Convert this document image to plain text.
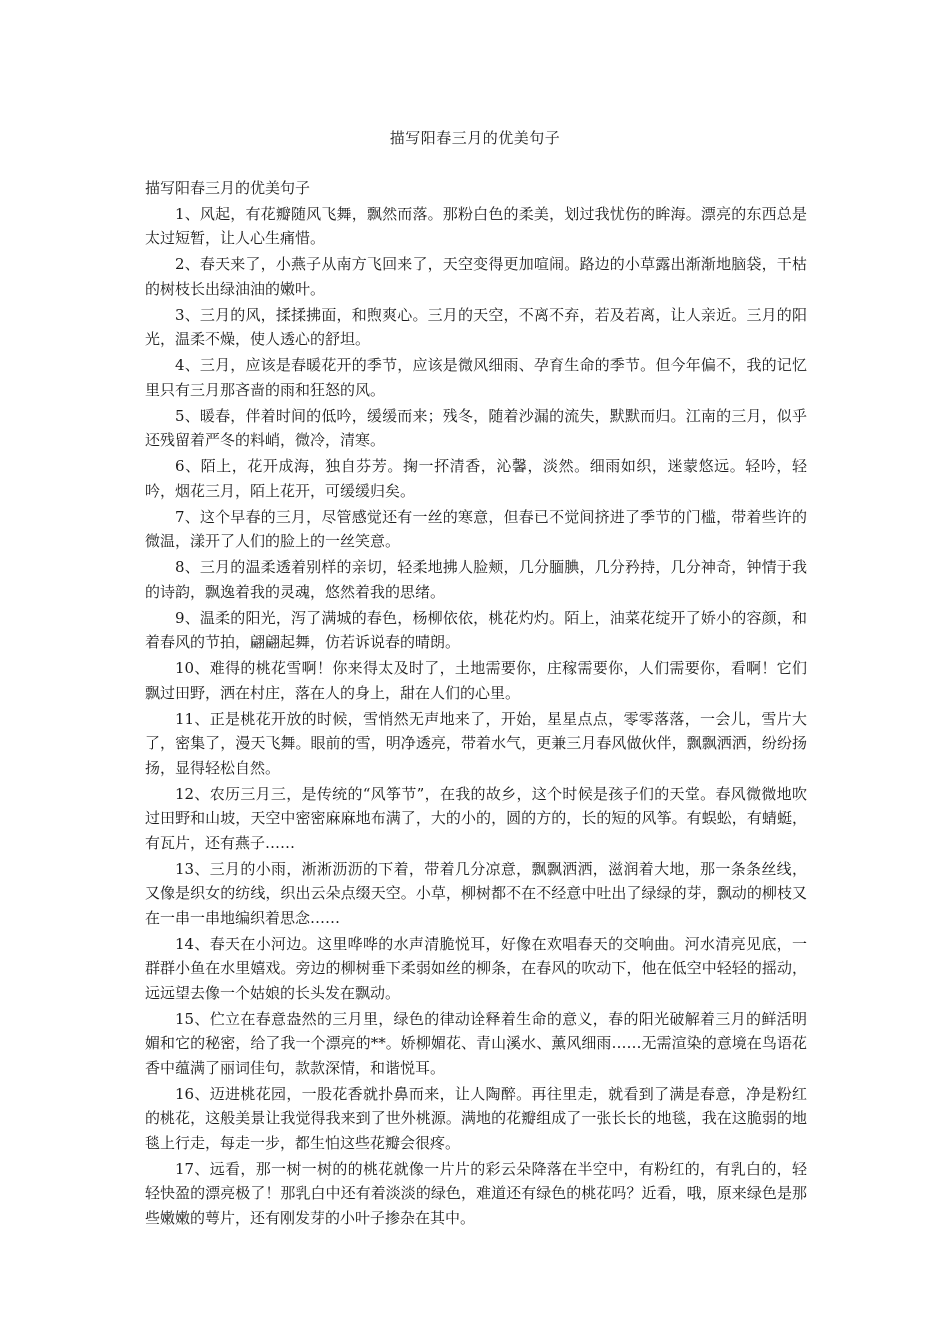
描写阳春三月的优美句子
描写阳春三月的优美句子

1、风起，有花瓣随风飞舞，飘然而落。那粉白色的柔美，划过我忧伤的眸海。漂亮的东西总是太过短暂，让人心生痛惜。

2、春天来了，小燕子从南方飞回来了，天空变得更加喧闹。路边的小草露出渐渐地脑袋，干枯的树枝长出绿油油的嫩叶。

3、三月的风，揉揉拂面，和煦爽心。三月的天空，不离不弃，若及若离，让人亲近。三月的阳光，温柔不燥，使人透心的舒坦。

4、三月，应该是春暖花开的季节，应该是微风细雨、孕育生命的季节。但今年偏不，我的记忆里只有三月那吝啬的雨和狂怒的风。

5、暖春，伴着时间的低吟，缓缓而来；残冬，随着沙漏的流失，默默而归。江南的三月，似乎还残留着严冬的料峭，微冷，清寒。

6、陌上，花开成海，独自芬芳。掬一抔清香，沁馨，淡然。细雨如织，迷蒙悠远。轻吟，轻吟，烟花三月，陌上花开，可缓缓归矣。

7、这个早春的三月，尽管感觉还有一丝的寒意，但春已不觉间挤进了季节的门槛，带着些许的微温，漾开了人们的脸上的一丝笑意。

8、三月的温柔透着别样的亲切，轻柔地拂人脸颊，几分腼腆，几分矜持，几分神奇，钟情于我的诗韵，飘逸着我的灵魂，悠然着我的思绪。

9、温柔的阳光，泻了满城的春色，杨柳依依，桃花灼灼。陌上，油菜花绽开了娇小的容颜，和着春风的节拍，翩翩起舞，仿若诉说春的晴朗。

10、难得的桃花雪啊！你来得太及时了，土地需要你，庄稼需要你，人们需要你，看啊！它们飘过田野，洒在村庄，落在人的身上，甜在人们的心里。

11、正是桃花开放的时候，雪悄然无声地来了，开始，星星点点，零零落落，一会儿，雪片大了，密集了，漫天飞舞。眼前的雪，明净透亮，带着水气，更兼三月春风做伙伴，飘飘洒洒，纷纷扬扬，显得轻松自然。

12、农历三月三，是传统的“风筝节”，在我的故乡，这个时候是孩子们的天堂。春风微微地吹过田野和山坡，天空中密密麻麻地布满了，大的小的，圆的方的，长的短的风筝。有蜈蚣，有蜻蜓，有瓦片，还有燕子……

13、三月的小雨，淅淅沥沥的下着，带着几分凉意，飘飘洒洒，滋润着大地，那一条条丝线，又像是织女的纺线，织出云朵点缀天空。小草，柳树都不在不经意中吐出了绿绿的芽，飘动的柳枝又在一串一串地编织着思念……

14、春天在小河边。这里哗哗的水声清脆悦耳，好像在欢唱春天的交响曲。河水清亮见底，一群群小鱼在水里嬉戏。旁边的柳树垂下柔弱如丝的柳条，在春风的吹动下，他在低空中轻轻的摇动，远远望去像一个姑娘的长头发在飘动。

15、伫立在春意盎然的三月里，绿色的律动诠释着生命的意义，春的阳光破解着三月的鲜活明媚和它的秘密，给了我一个漂亮的**。娇柳媚花、青山溪水、薰风细雨……无需渲染的意境在鸟语花香中蕴满了丽词佳句，款款深情，和谐悦耳。

16、迈进桃花园，一股花香就扑鼻而来，让人陶醉。再往里走，就看到了满是春意，净是粉红的桃花，这般美景让我觉得我来到了世外桃源。满地的花瓣组成了一张长长的地毯，我在这脆弱的地毯上行走，每走一步，都生怕这些花瓣会很疼。

17、远看，那一树一树的的桃花就像一片片的彩云朵降落在半空中，有粉红的，有乳白的，轻轻快盈的漂亮极了！那乳白中还有着淡淡的绿色，难道还有绿色的桃花吗？近看，哦，原来绿色是那些嫩嫩的萼片，还有刚发芽的小叶子掺杂在其中。
